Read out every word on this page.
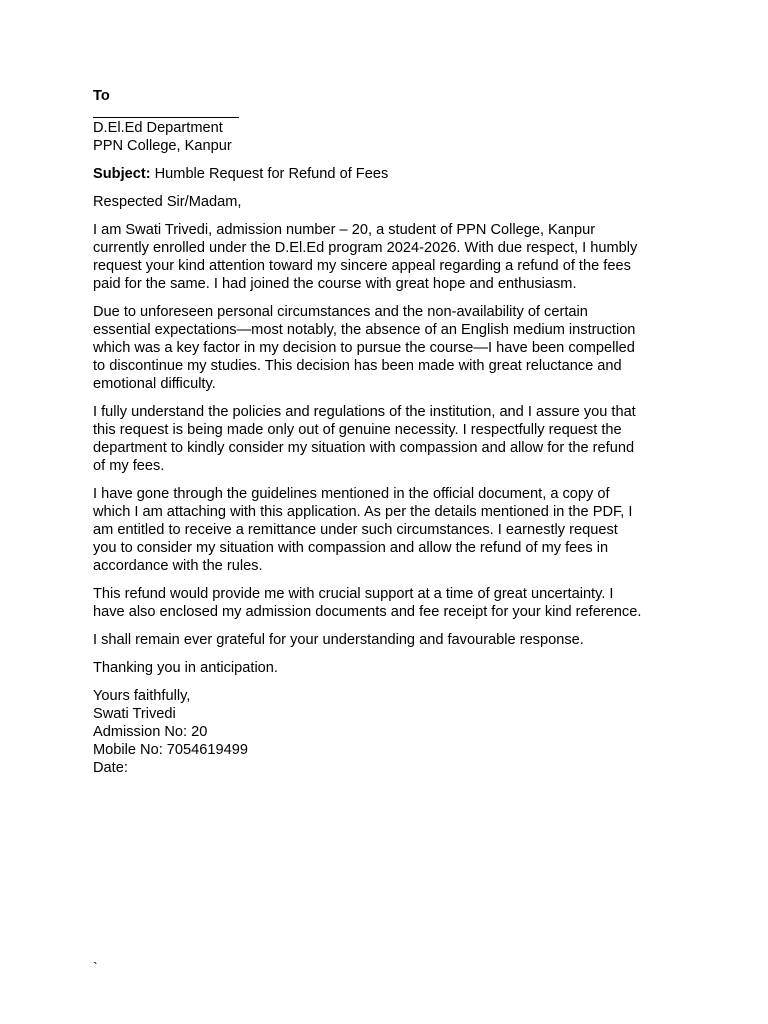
To

D.El.Ed Department

PPN College, Kanpur

Subject: Humble Request for Refund of Fees

Respected Sir/Madam,

I am Swati Trivedi, admission number – 20, a student of PPN College, Kanpur
currently enrolled under the D.El.Ed program 2024-2026. With due respect, I humbly
request your kind attention toward my sincere appeal regarding a refund of the fees
paid for the same. I had joined the course with great hope and enthusiasm.

Due to unforeseen personal circumstances and the non-availability of certain
essential expectations—most notably, the absence of an English medium instruction
which was a key factor in my decision to pursue the course—I have been compelled
to discontinue my studies. This decision has been made with great reluctance and
emotional difficulty.

I fully understand the policies and regulations of the institution, and I assure you that
this request is being made only out of genuine necessity. I respectfully request the
department to kindly consider my situation with compassion and allow for the refund
of my fees.

I have gone through the guidelines mentioned in the official document, a copy of
which I am attaching with this application. As per the details mentioned in the PDF, I
am entitled to receive a remittance under such circumstances. I earnestly request
you to consider my situation with compassion and allow the refund of my fees in
accordance with the rules.

This refund would provide me with crucial support at a time of great uncertainty. I
have also enclosed my admission documents and fee receipt for your kind reference.

I shall remain ever grateful for your understanding and favourable response.

Thanking you in anticipation.

Yours faithfully,
Swati Trivedi
Admission No: 20
Mobile No: 7054619499
Date:
`
